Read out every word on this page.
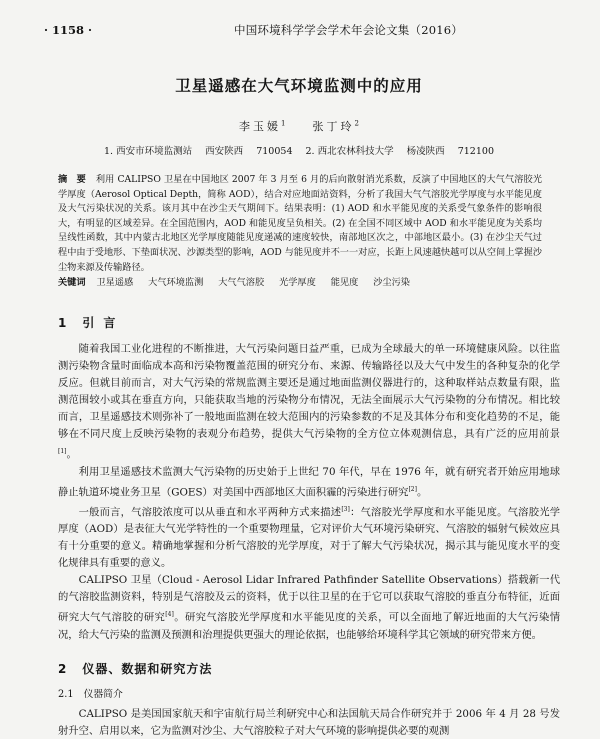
· 1158 ·	中国环境科学学会学术年会论文集（2016）
卫星遥感在大气环境监测中的应用
李玉媛$^1$ 张丁玲$^2$
1. 西安市环境监测站 西安陕西 710054 2. 西北农林科技大学 杨凌陕西 712100
摘　要 利用 CALIPSO 卫星在中国地区 2007 年 3 月至 6 月的后向散射消光系数，反演了中国地区的大气气溶胶光学厚度（Aerosol Optical Depth，简称 AOD），结合对应地面站资料，分析了我国大气气溶胶光学厚度与水平能见度及大气污染状况的关系。该月其中在沙尘天气期间下。结果表明：(1) AOD 和水平能见度的关系受气象条件的影响很大，有明显的区域差异。在全国范围内，AOD 和能见度呈负相关。(2) 在全国不同区域中 AOD 和水平能见度为关系均呈线性函数，其中内蒙古北地区光学厚度随能见度递减的速度较快，南部地区次之，中部地区最小。(3) 在沙尘天气过程中由于受地形、下垫面状况、沙源类型的影响，AOD 与能见度并不一一对应，长距上风速越快越可以从空间上掌握沙尘物来源及传输路径。
关键词 卫星遥感 大气环境监测 大气气溶胶 光学厚度 能见度 沙尘污染
1 引言

随着我国工业化进程的不断推进，大气污染问题日益严重，已成为全球最大的单一环境健康风险。以往监测污染物含量时面临成本高和污染物覆盖范围的研究分布、来源、传输路径以及大气中发生的各种复杂的化学反应。但就目前而言，对大气污染的常规监测主要还是通过地面监测仪器进行的，这种取样站点数量有限，监测范围较小或其在垂直方向，只能获取当地的污染物分布情况，无法全面展示大气污染物的分布情况。相比较而言，卫星遥感技术则弥补了一般地面监测在较大范围内的污染参数的不足及其体分布和变化趋势的不足，能够在不同尺度上反映污染物的表观分布趋势，提供大气污染物的全方位立体观测信息，具有广泛的应用前景[1]。

利用卫星遥感技术监测大气污染物的历史始于上世纪 70 年代，早在 1976 年，就有研究者开始应用地球静止轨道环境业务卫星（GOES）对美国中西部地区大面积霾的污染进行研究[2]。

一般而言，气溶胶浓度可以从垂直和水平两种方式来描述[3]：气溶胶光学厚度和水平能见度。气溶胶光学厚度（AOD）是表征大气光学特性的一个重要物理量，它对评价大气环境污染研究、气溶胶的辐射气候效应具有十分重要的意义。精确地掌握和分析气溶胶的光学厚度，对于了解大气污染状况，揭示其与能见度水平的变化规律具有重要的意义。

CALIPSO 卫星（Cloud - Aerosol Lidar Infrared Pathfinder Satellite Observations）搭载新一代的气溶胶监测资料，特别是气溶胶及云的资料，优于以往卫星的在于它可以获取气溶胶的垂直分布特征，近面研究大气气溶胶的研究[4]。研究气溶胶光学厚度和水平能见度的关系，可以全面地了解近地面的大气污染情况，给大气污染的监测及预测和治理提供更强大的理论依据，也能够给环境科学其它领域的研究带来方便。

2 仪器、数据和研究方法
2.1 仪器简介

CALIPSO 是美国国家航天和宇宙航行局兰利研究中心和法国航天局合作研究并于 2006 年 4 月 28 号发射升空、启用以来，它为监测对沙尘、大气溶胶粒子对大气环境的影响提供必要的观测
